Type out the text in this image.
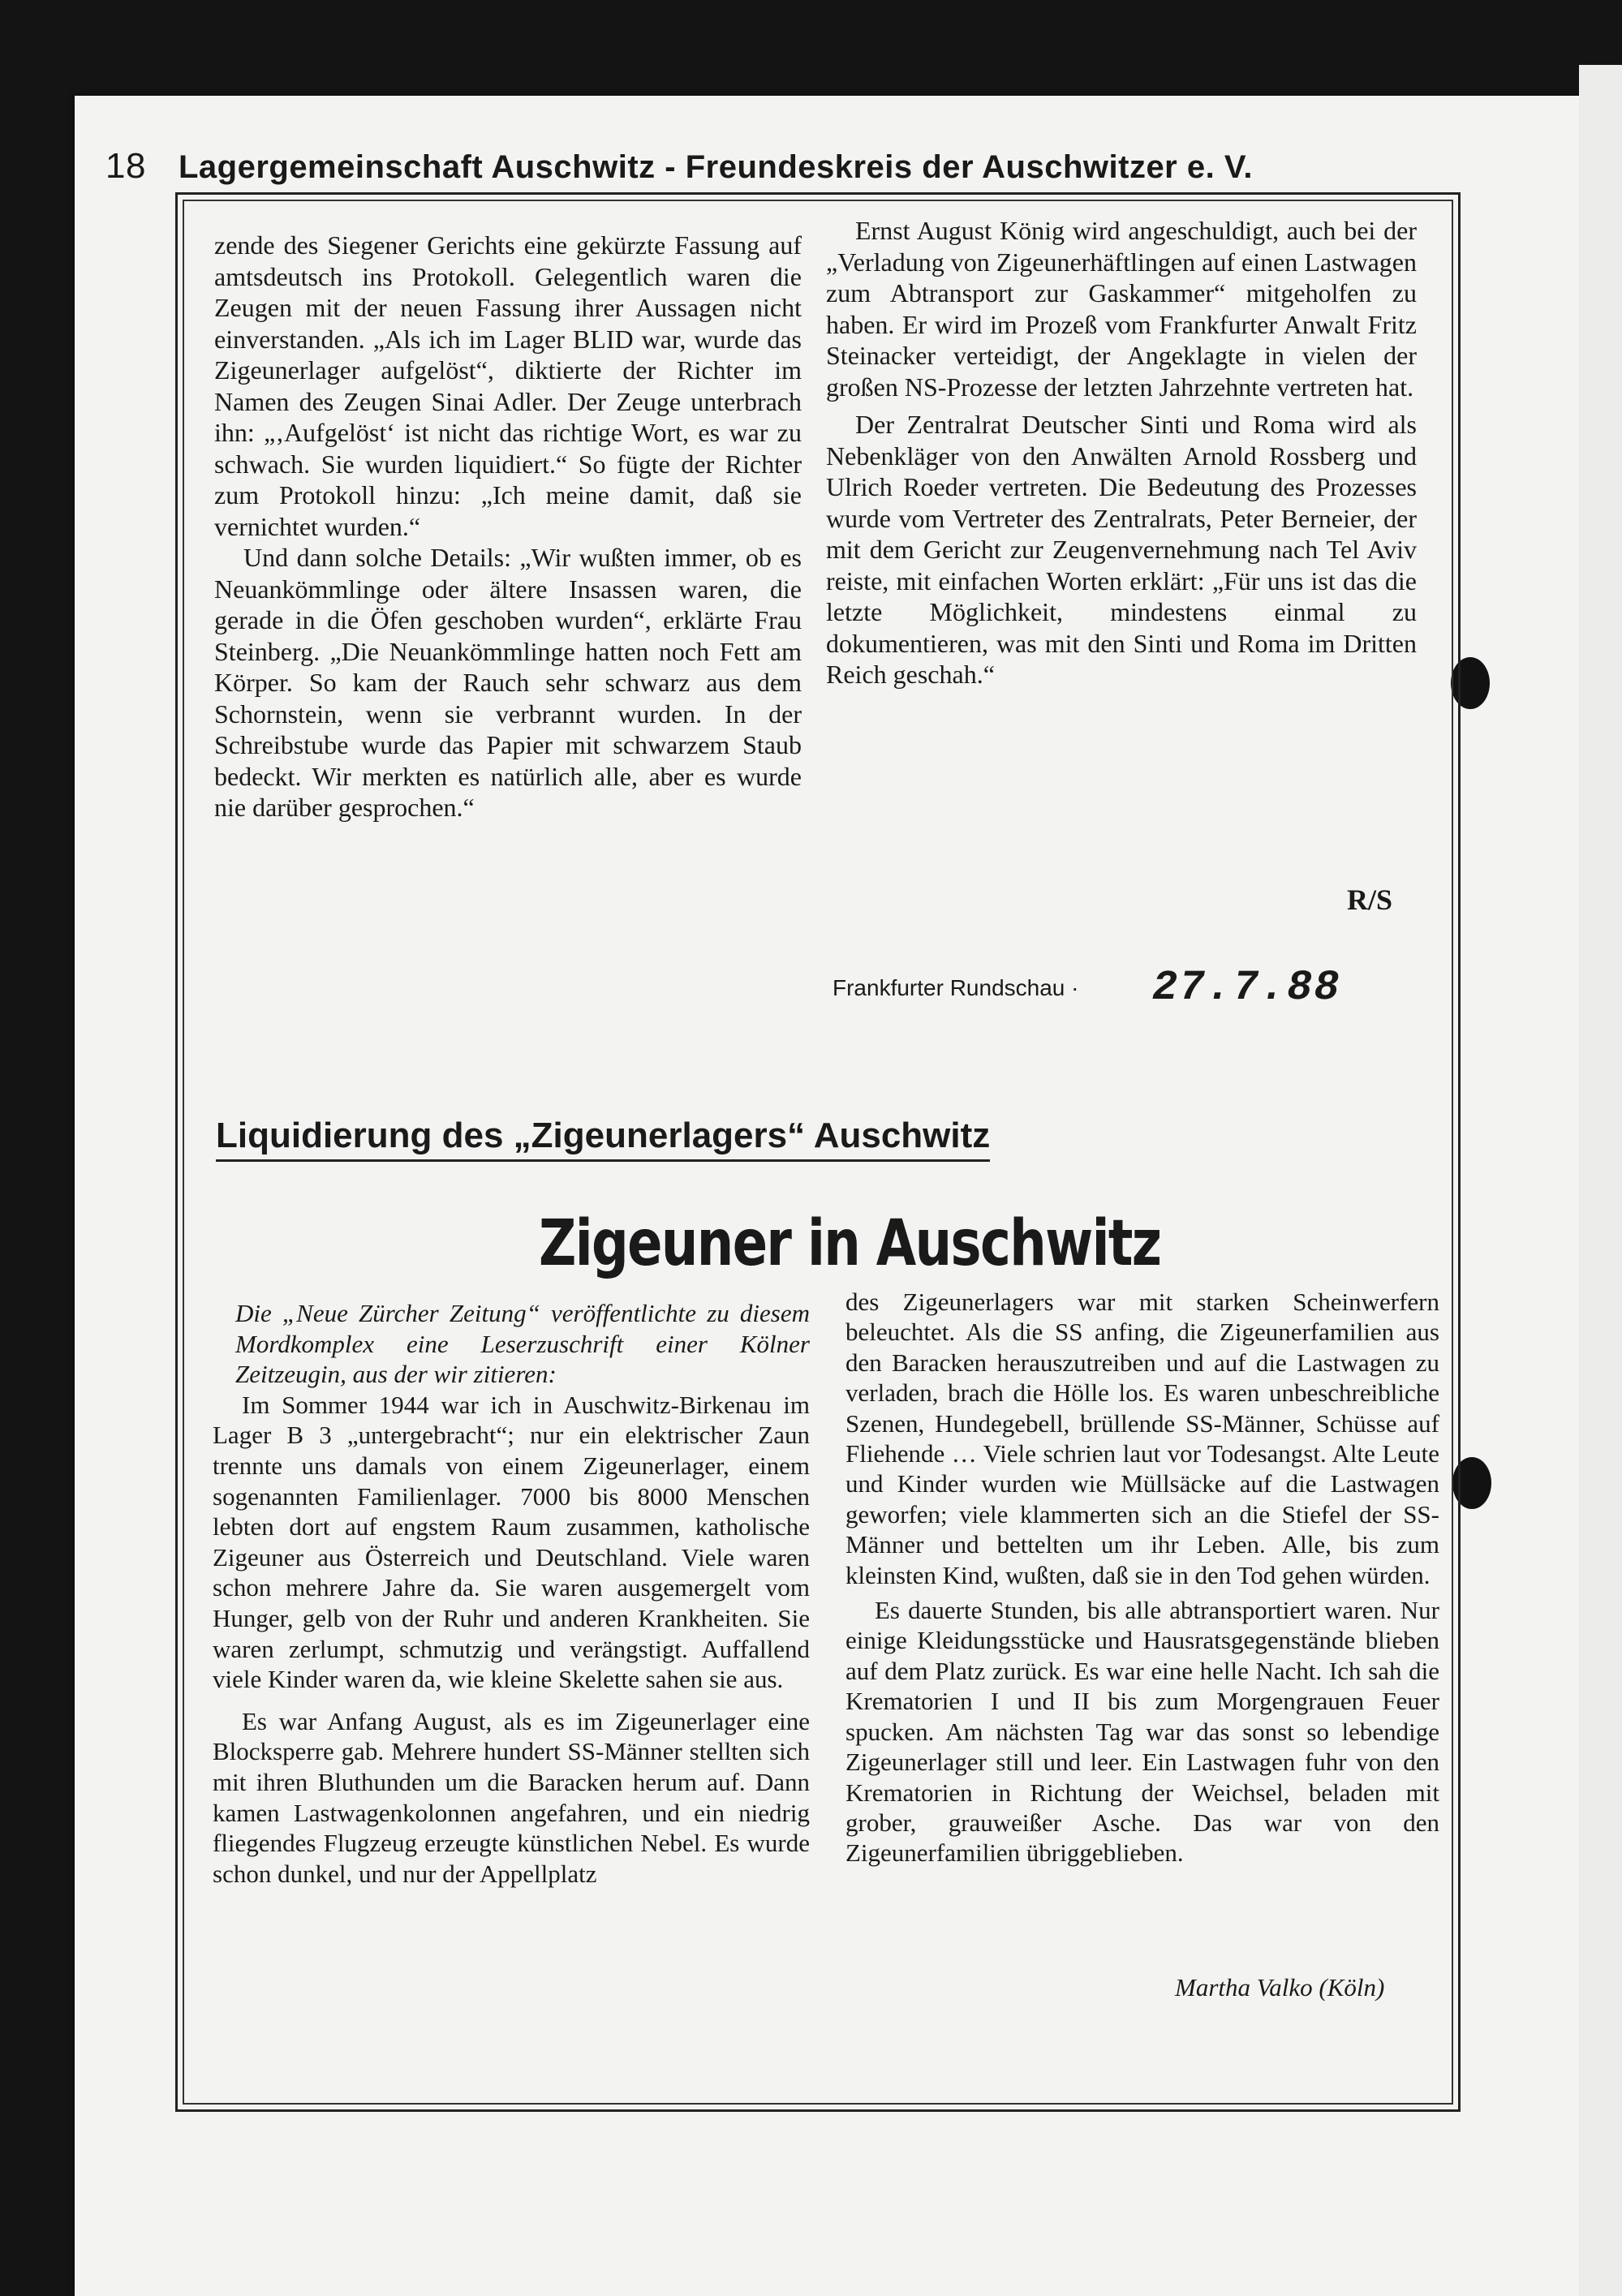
18 Lagergemeinschaft Auschwitz - Freundeskreis der Auschwitzer e. V.

zende des Siegener Gerichts eine gekürzte Fassung auf amtsdeutsch ins Protokoll. Gelegentlich waren die Zeugen mit der neuen Fassung ihrer Aussagen nicht einverstanden. „Als ich im Lager BLID war, wurde das Zigeunerlager aufgelöst“, diktierte der Richter im Namen des Zeugen Sinai Adler. Der Zeuge unterbrach ihn: „‚Aufgelöst‘ ist nicht das richtige Wort, es war zu schwach. Sie wurden liquidiert.“ So fügte der Richter zum Protokoll hinzu: „Ich meine damit, daß sie vernichtet wurden.“

Und dann solche Details: „Wir wußten immer, ob es Neuankömmlinge oder ältere Insassen waren, die gerade in die Öfen geschoben wurden“, erklärte Frau Steinberg. „Die Neuankömmlinge hatten noch Fett am Körper. So kam der Rauch sehr schwarz aus dem Schornstein, wenn sie verbrannt wurden. In der Schreibstube wurde das Papier mit schwarzem Staub bedeckt. Wir merkten es natürlich alle, aber es wurde nie darüber gesprochen.“

Ernst August König wird angeschuldigt, auch bei der „Verladung von Zigeunerhäftlingen auf einen Lastwagen zum Abtransport zur Gaskammer“ mitgeholfen zu haben. Er wird im Prozeß vom Frankfurter Anwalt Fritz Steinacker verteidigt, der Angeklagte in vielen der großen NS-Prozesse der letzten Jahrzehnte vertreten hat.

Der Zentralrat Deutscher Sinti und Roma wird als Nebenkläger von den Anwälten Arnold Rossberg und Ulrich Roeder vertreten. Die Bedeutung des Prozesses wurde vom Vertreter des Zentralrats, Peter Berneier, der mit dem Gericht zur Zeugenvernehmung nach Tel Aviv reiste, mit einfachen Worten erklärt: „Für uns ist das die letzte Möglichkeit, mindestens einmal zu dokumentieren, was mit den Sinti und Roma im Dritten Reich geschah.“

R/S
Frankfurter Rundschau · 27.7.88
Liquidierung des „Zigeunerlagers“ Auschwitz
Zigeuner in Auschwitz

Die „Neue Zürcher Zeitung“ veröffentlichte zu diesem Mordkomplex eine Leserzuschrift einer Kölner Zeitzeugin, aus der wir zitieren:

Im Sommer 1944 war ich in Auschwitz-Birkenau im Lager B 3 „untergebracht“; nur ein elektrischer Zaun trennte uns damals von einem Zigeunerlager, einem sogenannten Familienlager. 7000 bis 8000 Menschen lebten dort auf engstem Raum zusammen, katholische Zigeuner aus Österreich und Deutschland. Viele waren schon mehrere Jahre da. Sie waren ausgemergelt vom Hunger, gelb von der Ruhr und anderen Krankheiten. Sie waren zerlumpt, schmutzig und verängstigt. Auffallend viele Kinder waren da, wie kleine Skelette sahen sie aus.

Es war Anfang August, als es im Zigeunerlager eine Blocksperre gab. Mehrere hundert SS-Männer stellten sich mit ihren Bluthunden um die Baracken herum auf. Dann kamen Lastwagenkolonnen angefahren, und ein niedrig fliegendes Flugzeug erzeugte künstlichen Nebel. Es wurde schon dunkel, und nur der Appellplatz

des Zigeunerlagers war mit starken Scheinwerfern beleuchtet. Als die SS anfing, die Zigeunerfamilien aus den Baracken herauszutreiben und auf die Lastwagen zu verladen, brach die Hölle los. Es waren unbeschreibliche Szenen, Hundegebell, brüllende SS-Männer, Schüsse auf Fliehende … Viele schrien laut vor Todesangst. Alte Leute und Kinder wurden wie Müllsäcke auf die Lastwagen geworfen; viele klammerten sich an die Stiefel der SS-Männer und bettelten um ihr Leben. Alle, bis zum kleinsten Kind, wußten, daß sie in den Tod gehen würden.

Es dauerte Stunden, bis alle abtransportiert waren. Nur einige Kleidungsstücke und Hausratsgegenstände blieben auf dem Platz zurück. Es war eine helle Nacht. Ich sah die Krematorien I und II bis zum Morgengrauen Feuer spucken. Am nächsten Tag war das sonst so lebendige Zigeunerlager still und leer. Ein Lastwagen fuhr von den Krematorien in Richtung der Weichsel, beladen mit grober, grauweißer Asche. Das war von den Zigeunerfamilien übriggeblieben.

Martha Valko (Köln)
